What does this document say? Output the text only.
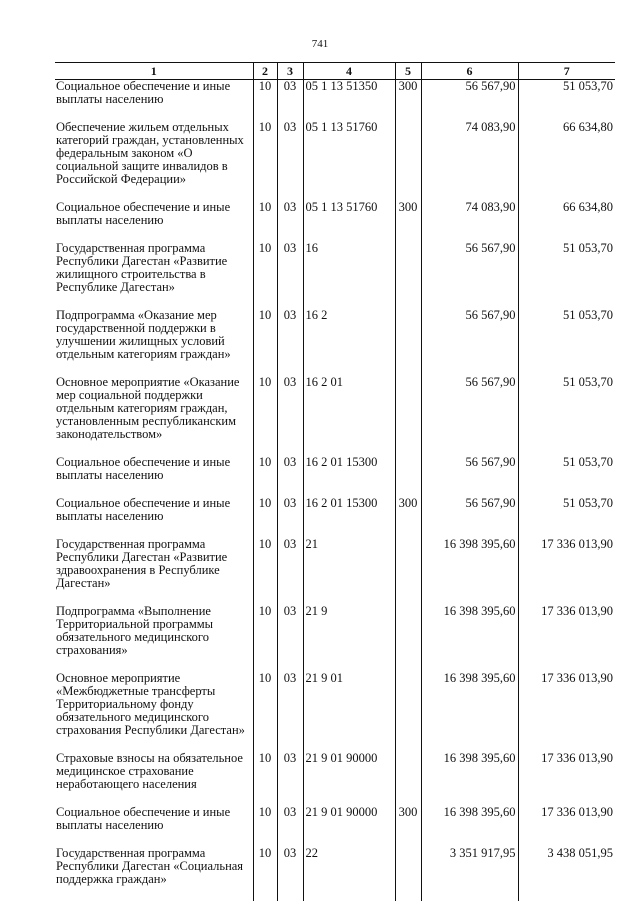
741
1	2	3	4	5	6	7
Социальное обеспечение и иные выплаты населению	10	03	05 1 13 51350	300	56 567,90	51 053,70
Обеспечение жильем отдельных категорий граждан, установленных федеральным законом «О социальной защите инвалидов в Российской Федерации»	10	03	05 1 13 51760		74 083,90	66 634,80
Социальное обеспечение и иные выплаты населению	10	03	05 1 13 51760	300	74 083,90	66 634,80
Государственная программа Республики Дагестан «Развитие жилищного строительства в Республике Дагестан»	10	03	16		56 567,90	51 053,70
Подпрограмма «Оказание мер государственной поддержки в улучшении жилищных условий отдельным категориям граждан»	10	03	16 2		56 567,90	51 053,70
Основное мероприятие «Оказание мер социальной поддержки отдельным категориям граждан, установленным республиканским законодательством»	10	03	16 2 01		56 567,90	51 053,70
Социальное обеспечение и иные выплаты населению	10	03	16 2 01 15300		56 567,90	51 053,70
Социальное обеспечение и иные выплаты населению	10	03	16 2 01 15300	300	56 567,90	51 053,70
Государственная программа Республики Дагестан «Развитие здравоохранения в Республике Дагестан»	10	03	21		16 398 395,60	17 336 013,90
Подпрограмма «Выполнение Территориальной программы обязательного медицинского страхования»	10	03	21 9		16 398 395,60	17 336 013,90
Основное мероприятие «Межбюджетные трансферты Территориальному фонду обязательного медицинского страхования Республики Дагестан»	10	03	21 9 01		16 398 395,60	17 336 013,90
Страховые взносы на обязательное медицинское страхование неработающего населения	10	03	21 9 01 90000		16 398 395,60	17 336 013,90
Социальное обеспечение и иные выплаты населению	10	03	21 9 01 90000	300	16 398 395,60	17 336 013,90
Государственная программа Республики Дагестан «Социальная поддержка граждан»	10	03	22		3 351 917,95	3 438 051,95
